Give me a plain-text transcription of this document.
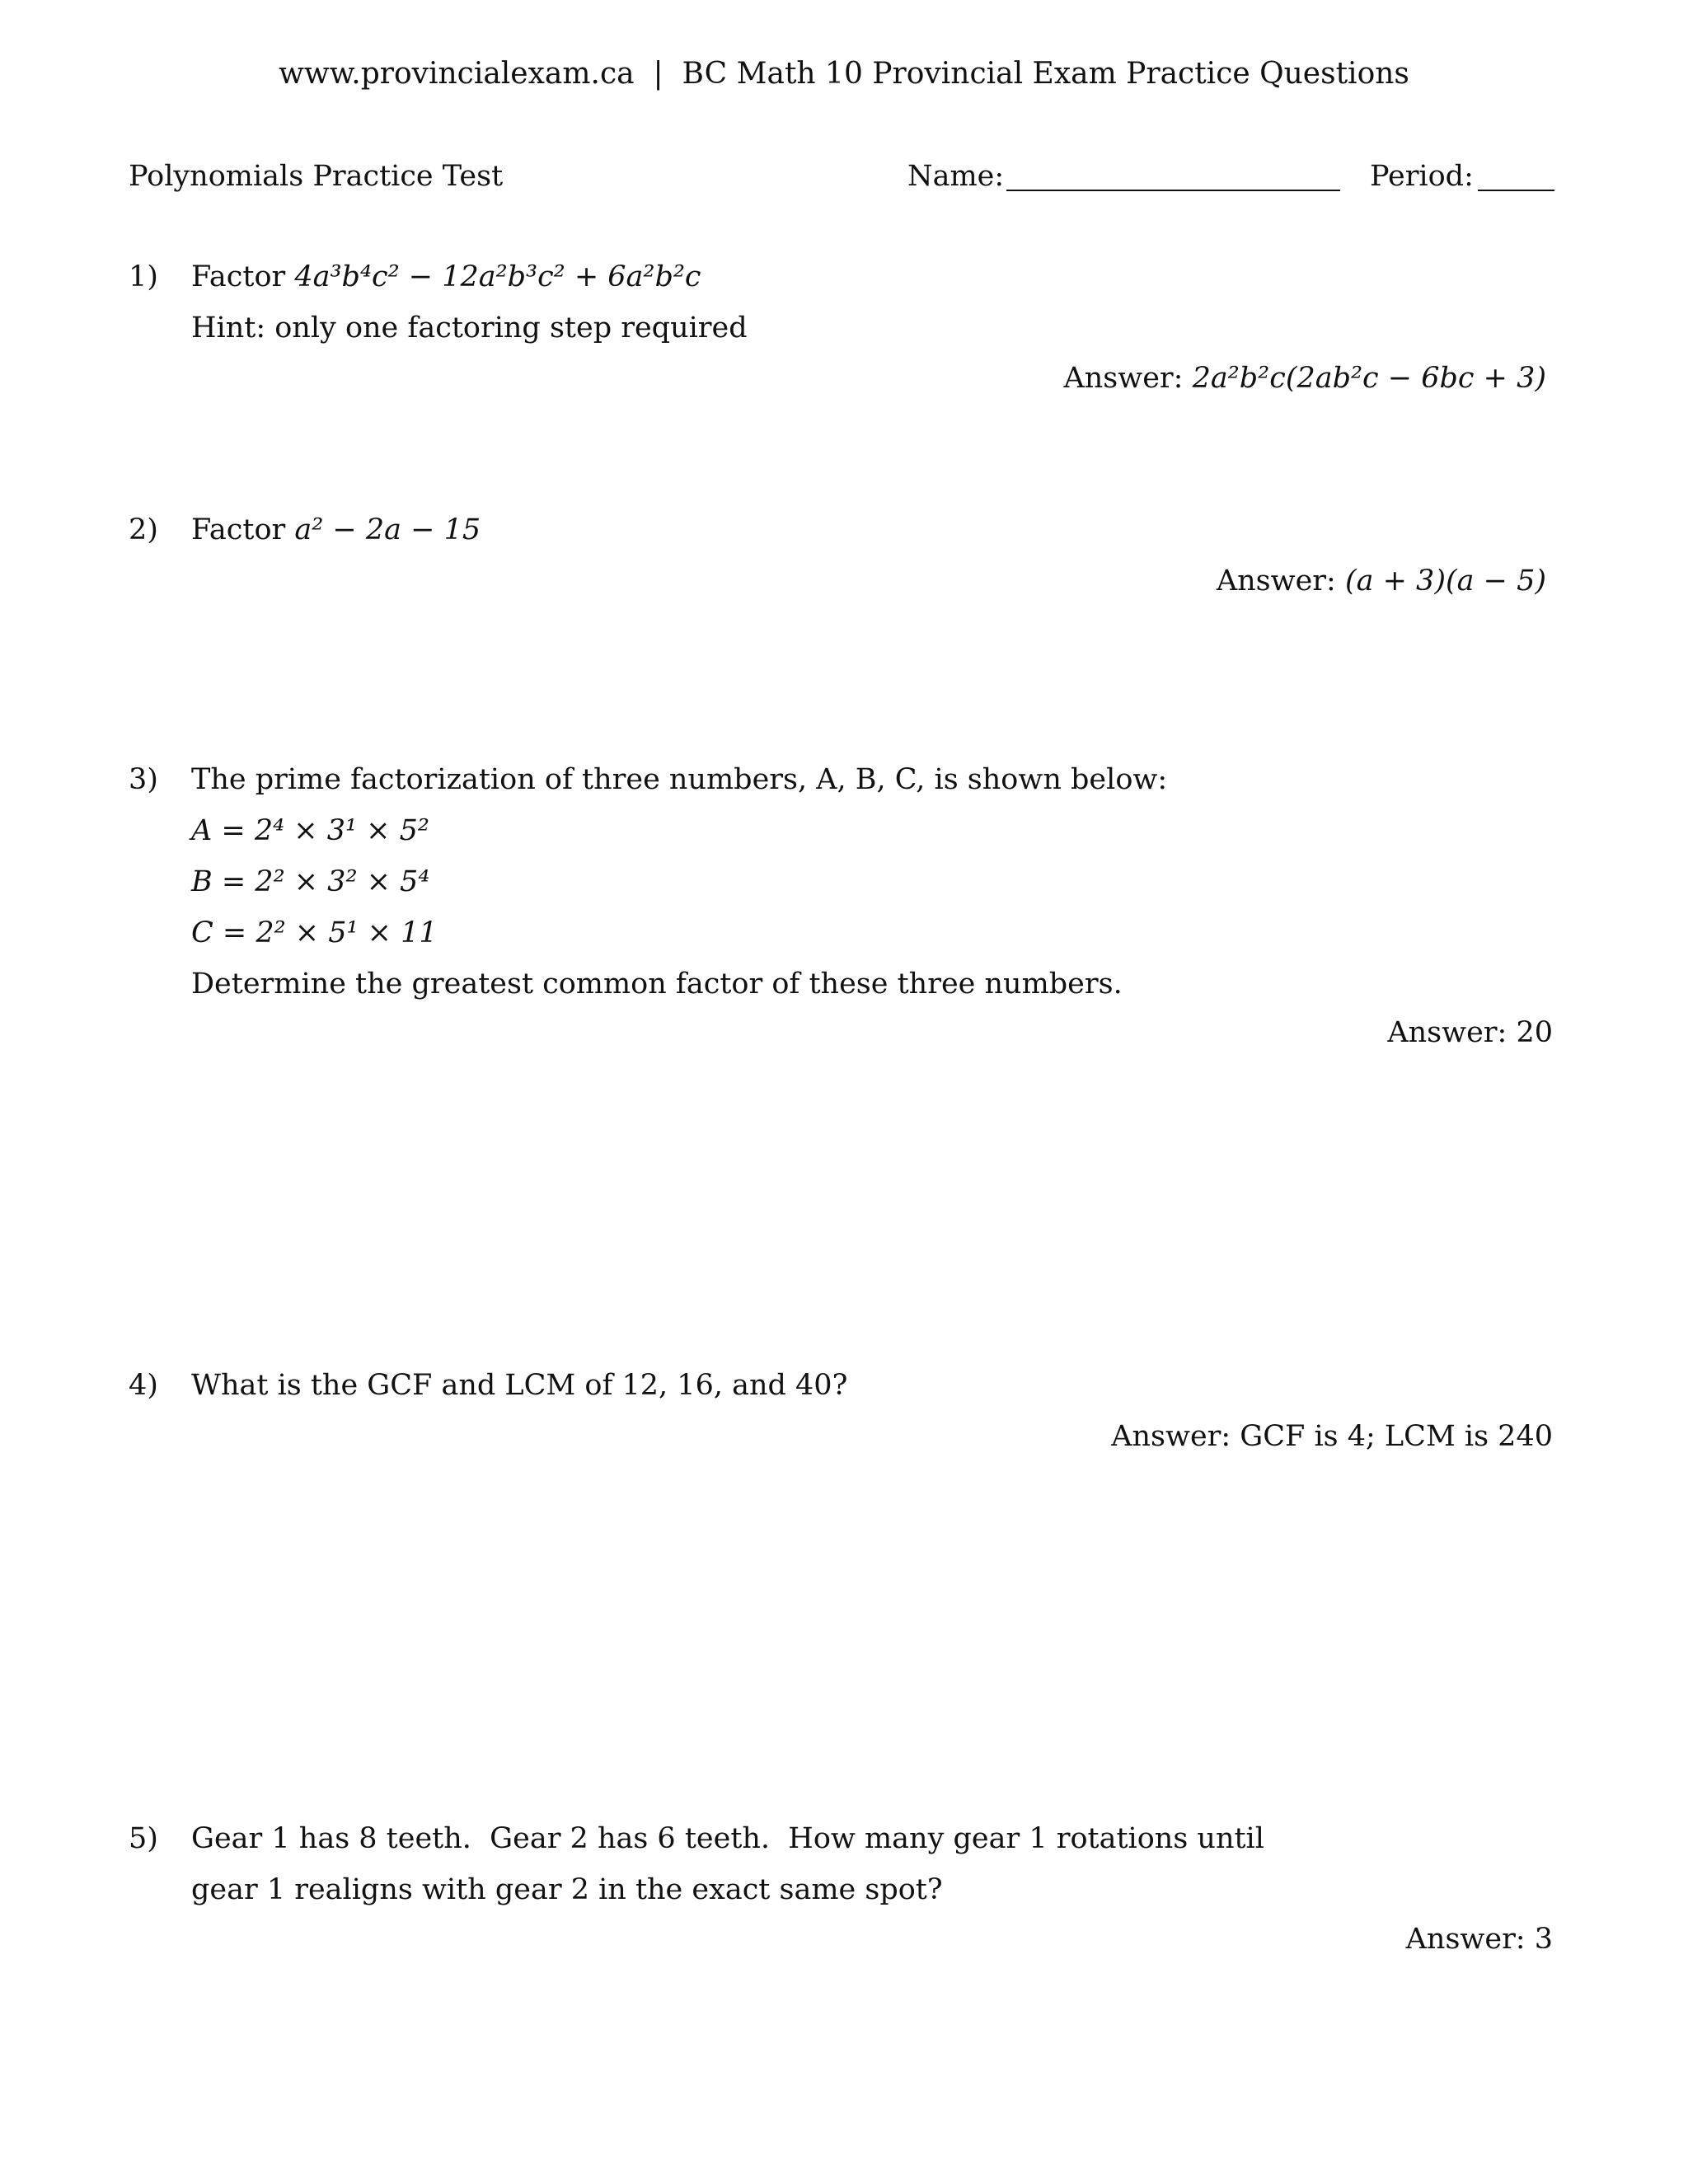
www.provincialexam.ca | BC Math 10 Provincial Exam Practice Questions
Polynomials Practice Test	Name:	Period:
1) Factor 4a³b⁴c² − 12a²b³c² + 6a²b²c
Hint: only one factoring step required
Answer: 2a²b²c(2ab²c − 6bc + 3)
2) Factor a² − 2a − 15
Answer: (a + 3)(a − 5)
3) The prime factorization of three numbers, A, B, C, is shown below:
A = 2⁴ × 3¹ × 5²
B = 2² × 3² × 5⁴
C = 2² × 5¹ × 11
Determine the greatest common factor of these three numbers.
Answer: 20
4) What is the GCF and LCM of 12, 16, and 40?
Answer: GCF is 4; LCM is 240
5) Gear 1 has 8 teeth.  Gear 2 has 6 teeth.  How many gear 1 rotations until
gear 1 realigns with gear 2 in the exact same spot?
Answer: 3
